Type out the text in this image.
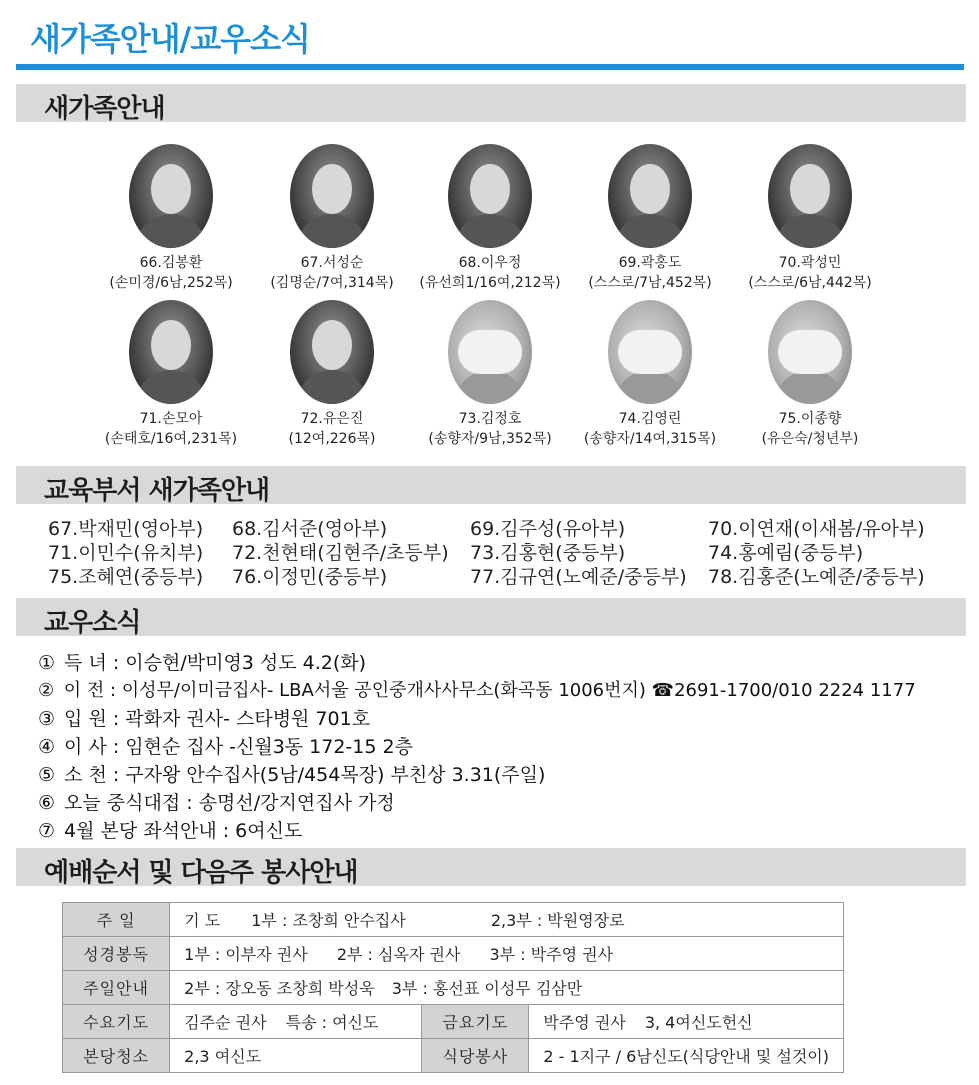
새가족안내/교우소식
새가족안내
66.김봉환
(손미경/6남,252목)
67.서성순
(김명순/7여,314목)
68.이우정
(유선희1/16여,212목)
69.곽홍도
(스스로/7남,452목)
70.곽성민
(스스로/6남,442목)
71.손모아
(손태호/16여,231목)
72.유은진
(12여,226목)
73.김정호
(송향자/9남,352목)
74.김영린
(송향자/14여,315목)
75.이종향
(유은숙/청년부)
교육부서 새가족안내
67.박재민(영아부) 68.김서준(영아부)	69.김주성(유아부)	70.이연재(이새봄/유아부)
71.이민수(유치부) 72.천현태(김현주/초등부) 73.김홍현(중등부)	74.홍예림(중등부)
75.조혜연(중등부) 76.이정민(중등부)	77.김규연(노예준/중등부) 78.김홍준(노예준/중등부)
교우소식
① 득 녀 : 이승현/박미영3 성도 4.2(화)
② 이 전 : 이성무/이미금집사- LBA서울 공인중개사사무소(화곡동 1006번지) ☎2691-1700/010 2224 1177
③ 입 원 : 곽화자 권사- 스타병원 701호
④ 이 사 : 임현순 집사 -신월3동 172-15 2층
⑤ 소 천 : 구자왕 안수집사(5남/454목장) 부친상 3.31(주일)
⑥ 오늘 중식대접 : 송명선/강지연집사 가정
⑦ 4월 본당 좌석안내 : 6여신도
예배순서 및 다음주 봉사안내
주 일	기 도 1부 : 조창희 안수집사 2,3부 : 박원영장로		
성경봉독	1부 : 이부자 권사 2부 : 심옥자 권사 3부 : 박주영 권사		
주일안내	2부 : 장오동 조창희 박성욱 3부 : 홍선표 이성무 김삼만		
수요기도	김주순 권사 특송 : 여신도	금요기도	박주영 권사 3, 4여신도헌신
본당청소	2,3 여신도	식당봉사	2 - 1지구 / 6남신도(식당안내 및 설것이)
